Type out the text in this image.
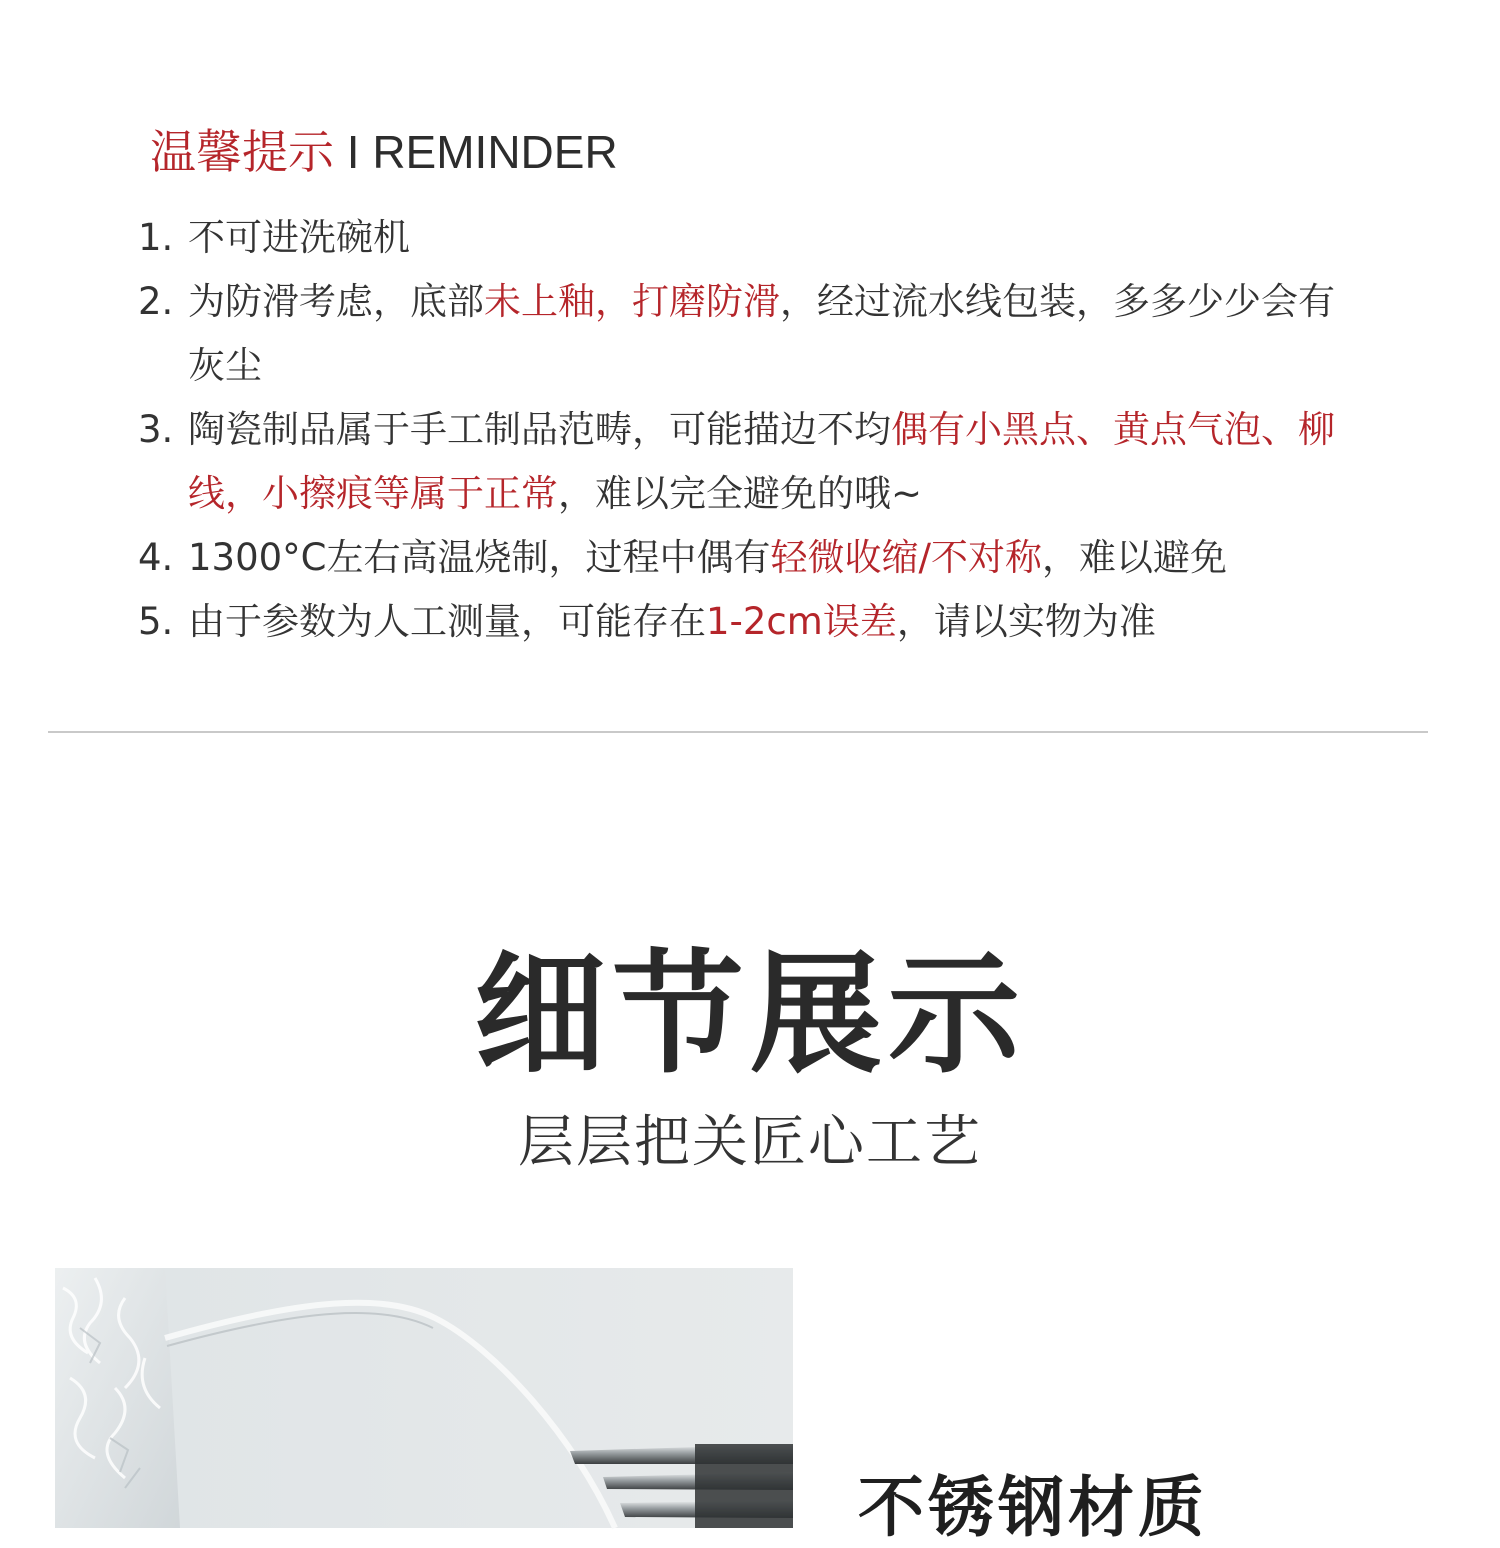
温馨提示 I REMINDER
1. 不可进洗碗机
2. 为防滑考虑，底部未上釉，打磨防滑，经过流水线包装，多多少少会有灰尘
3. 陶瓷制品属于手工制品范畴，可能描边不均偶有小黑点、黄点气泡、柳线，小擦痕等属于正常，难以完全避免的哦~
4. 1300°C左右高温烧制，过程中偶有轻微收缩/不对称，难以避免
5. 由于参数为人工测量，可能存在1-2cm误差，请以实物为准
细节展示
层层把关匠心工艺
不锈钢材质
